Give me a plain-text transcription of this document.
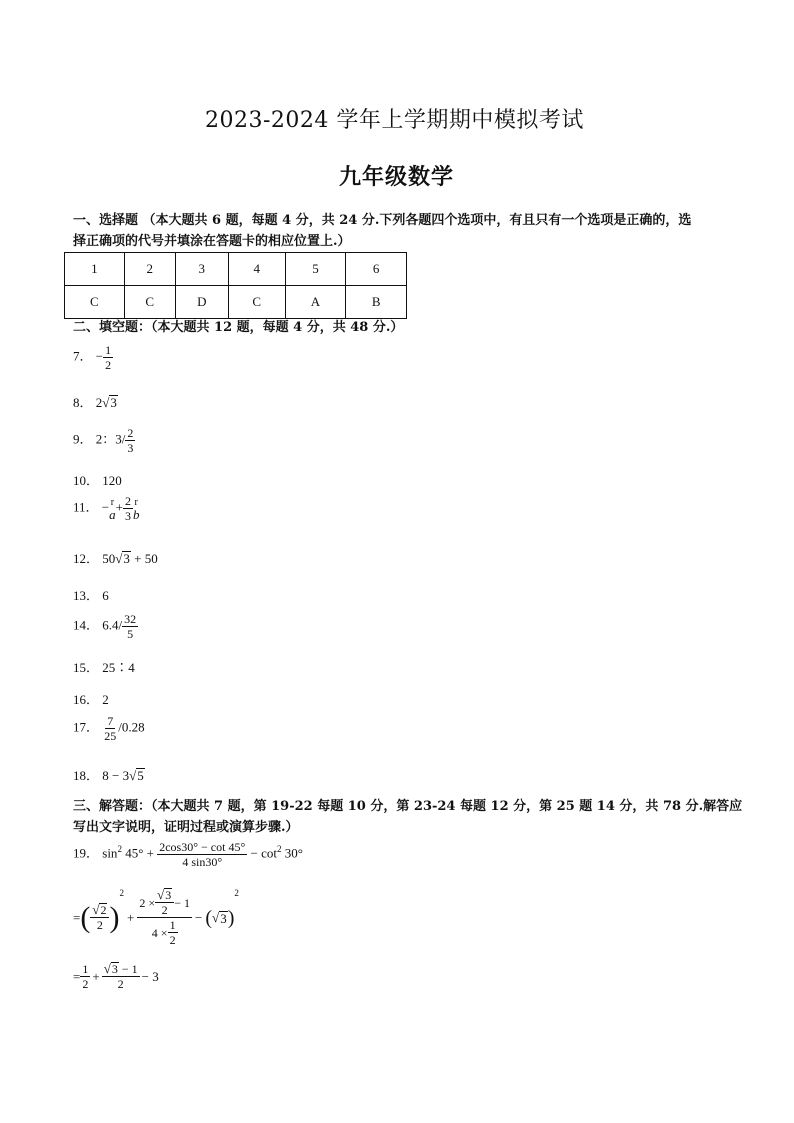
2023-2024 学年上学期期中模拟考试
九年级数学
一、选择题 （本大题共 6 题，每题 4 分，共 24 分.下列各题四个选项中，有且只有一个选项是正确的，选
择正确项的代号并填涂在答题卡的相应位置上.）
1	2	3	4	5	6
C	C	D	C	A	B
二、填空题：（本大题共 12 题，每题 4 分，共 48 分.）
7． − $\frac{1}{2}$
8． 2√3
9． 2：$3/ \frac{2}{3}$
10． 120
11． − r
$a + \frac{2}{3}$ r
b
12． 50√3 + 50
13． 6
14． $6.4/ \frac{32}{5}$
15． 25∶4
16． 2
17． $\frac{7}{25} /0.28$
18． 8 − 3√5
三、解答题：（本大题共 7 题，第 19-22 每题 10 分，第 23-24 每题 12 分，第 25 题 14 分，共 78 分.解答应
写出文字说明，证明过程或演算步骤.）
19． $\sin^2 45^\circ + \frac{2\cos 30^\circ - \cot 45^\circ}{4 \sin 30^\circ} - \cot^2 30^\circ$
= ( $\frac{√2}{2}$ )
2
+ $\frac{2 \times \frac{√3}{2} - 1}{4 \times \frac{1}{2}}$ − ( √ 3 )
2
= $\frac{1}{2} + \frac{√3 - 1}{2} - 3$
